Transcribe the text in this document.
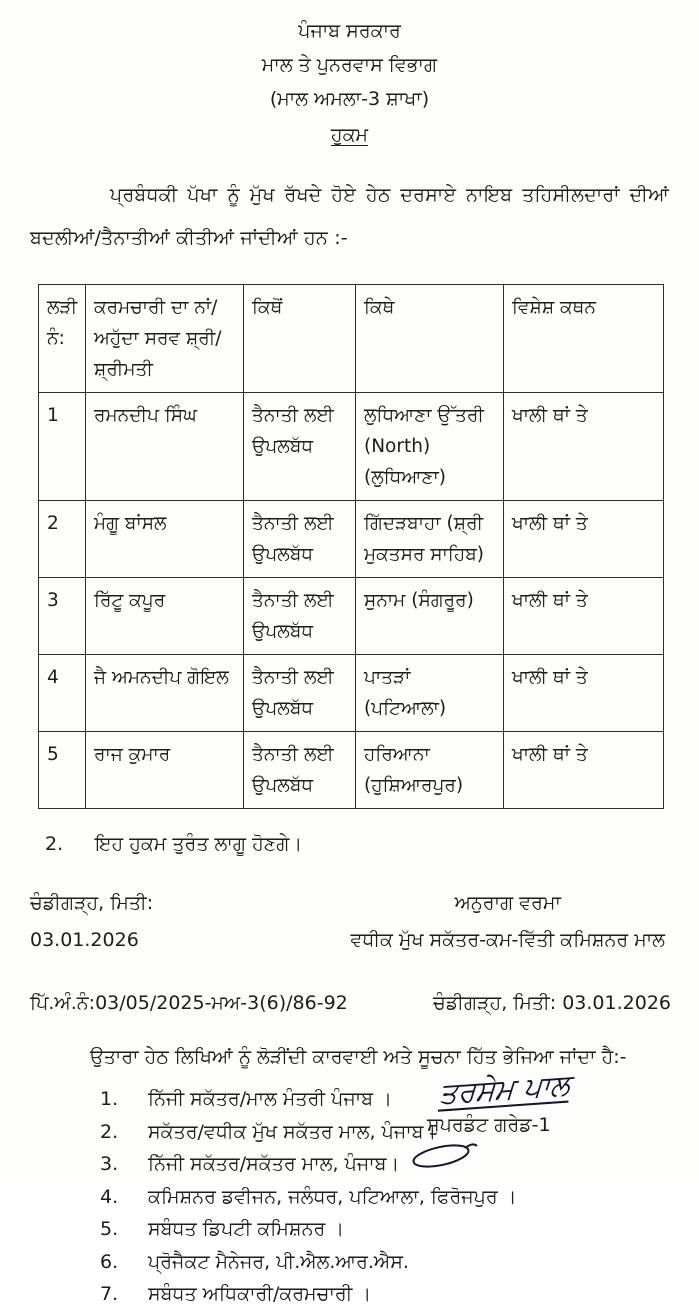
ਪੰਜਾਬ ਸਰਕਾਰ
ਮਾਲ ਤੇ ਪੁਨਰਵਾਸ ਵਿਭਾਗ
(ਮਾਲ ਅਮਲਾ-3 ਸ਼ਾਖਾ)
ਹੁਕਮ

ਪ੍ਰਬੰਧਕੀ ਪੱਖਾ ਨੂੰ ਮੁੱਖ ਰੱਖਦੇ ਹੋਏ ਹੇਠ ਦਰਸਾਏ ਨਾਇਬ ਤਹਿਸੀਲਦਾਰਾਂ ਦੀਆਂ ਬਦਲੀਆਂ/ਤੈਨਾਤੀਆਂ ਕੀਤੀਆਂ ਜਾਂਦੀਆਂ ਹਨ :-

ਲੜੀ ਨੰ:	ਕਰਮਚਾਰੀ ਦਾ ਨਾਂ/ਅਹੁੱਦਾ ਸਰਵ ਸ਼੍ਰੀ/ਸ਼੍ਰੀਮਤੀ	ਕਿਥੋਂ	ਕਿਥੇ	ਵਿਸ਼ੇਸ਼ ਕਥਨ
1	ਰਮਨਦੀਪ ਸਿੰਘ	ਤੈਨਾਤੀ ਲਈ ਉਪਲਬੱਧ	ਲੁਧਿਆਣਾ ਉੱਤਰੀ (North) (ਲੁਧਿਆਣਾ)	ਖਾਲੀ ਥਾਂ ਤੇ
2	ਮੰਗੂ ਬਾਂਸਲ	ਤੈਨਾਤੀ ਲਈ ਉਪਲਬੱਧ	ਗਿੱਦੜਬਾਹਾ (ਸ਼੍ਰੀ ਮੁਕਤਸਰ ਸਾਹਿਬ)	ਖਾਲੀ ਥਾਂ ਤੇ
3	ਰਿੱਟੂ ਕਪੂਰ	ਤੈਨਾਤੀ ਲਈ ਉਪਲਬੱਧ	ਸੁਨਾਮ (ਸੰਗਰੂਰ)	ਖਾਲੀ ਥਾਂ ਤੇ
4	ਜੈ ਅਮਨਦੀਪ ਗੋਇਲ	ਤੈਨਾਤੀ ਲਈ ਉਪਲਬੱਧ	ਪਾਤੜਾਂ (ਪਟਿਆਲਾ)	ਖਾਲੀ ਥਾਂ ਤੇ
5	ਰਾਜ ਕੁਮਾਰ	ਤੈਨਾਤੀ ਲਈ ਉਪਲਬੱਧ	ਹਰਿਆਨਾ (ਹੁਸ਼ਿਆਰਪੁਰ)	ਖਾਲੀ ਥਾਂ ਤੇ
2.	ਇਹ ਹੁਕਮ ਤੁਰੰਤ ਲਾਗੂ ਹੋਣਗੇ।
ਚੰਡੀਗੜ੍ਹ, ਮਿਤੀ:
03.01.2026
ਅਨੁਰਾਗ ਵਰਮਾ
ਵਧੀਕ ਮੁੱਖ ਸਕੱਤਰ-ਕਮ-ਵਿੱਤੀ ਕਮਿਸ਼ਨਰ ਮਾਲ
ਪਿੱ.ਅੰ.ਨੰ:03/05/2025-ਮਅ-3(6)/86-92	ਚੰਡੀਗੜ੍ਹ, ਮਿਤੀ: 03.01.2026

ਉਤਾਰਾ ਹੇਠ ਲਿਖਿਆਂ ਨੂੰ ਲੋੜੀਂਦੀ ਕਾਰਵਾਈ ਅਤੇ ਸੂਚਨਾ ਹਿੱਤ ਭੇਜਿਆ ਜਾਂਦਾ ਹੈ:-

1.	ਨਿੱਜੀ ਸਕੱਤਰ/ਮਾਲ ਮੰਤਰੀ ਪੰਜਾਬ ।
2.	ਸਕੱਤਰ/ਵਧੀਕ ਮੁੱਖ ਸਕੱਤਰ ਮਾਲ, ਪੰਜਾਬ।
3.	ਨਿੱਜੀ ਸਕੱਤਰ/ਸਕੱਤਰ ਮਾਲ, ਪੰਜਾਬ।
4.	ਕਮਿਸ਼ਨਰ ਡਵੀਜਨ, ਜਲੰਧਰ, ਪਟਿਆਲਾ, ਫਿਰੋਜਪੁਰ ।
5.	ਸਬੰਧਤ ਡਿਪਟੀ ਕਮਿਸ਼ਨਰ ।
6.	ਪ੍ਰੋਜੈਕਟ ਮੈਨੇਜਰ, ਪੀ.ਐਲ.ਆਰ.ਐਸ.
7.	ਸਬੰਧਤ ਅਧਿਕਾਰੀ/ਕਰਮਚਾਰੀ ।
ਤਰਸੇਮ ਪਾਲ
ਸੁਪਰਡੰਟ ਗਰੇਡ-1
